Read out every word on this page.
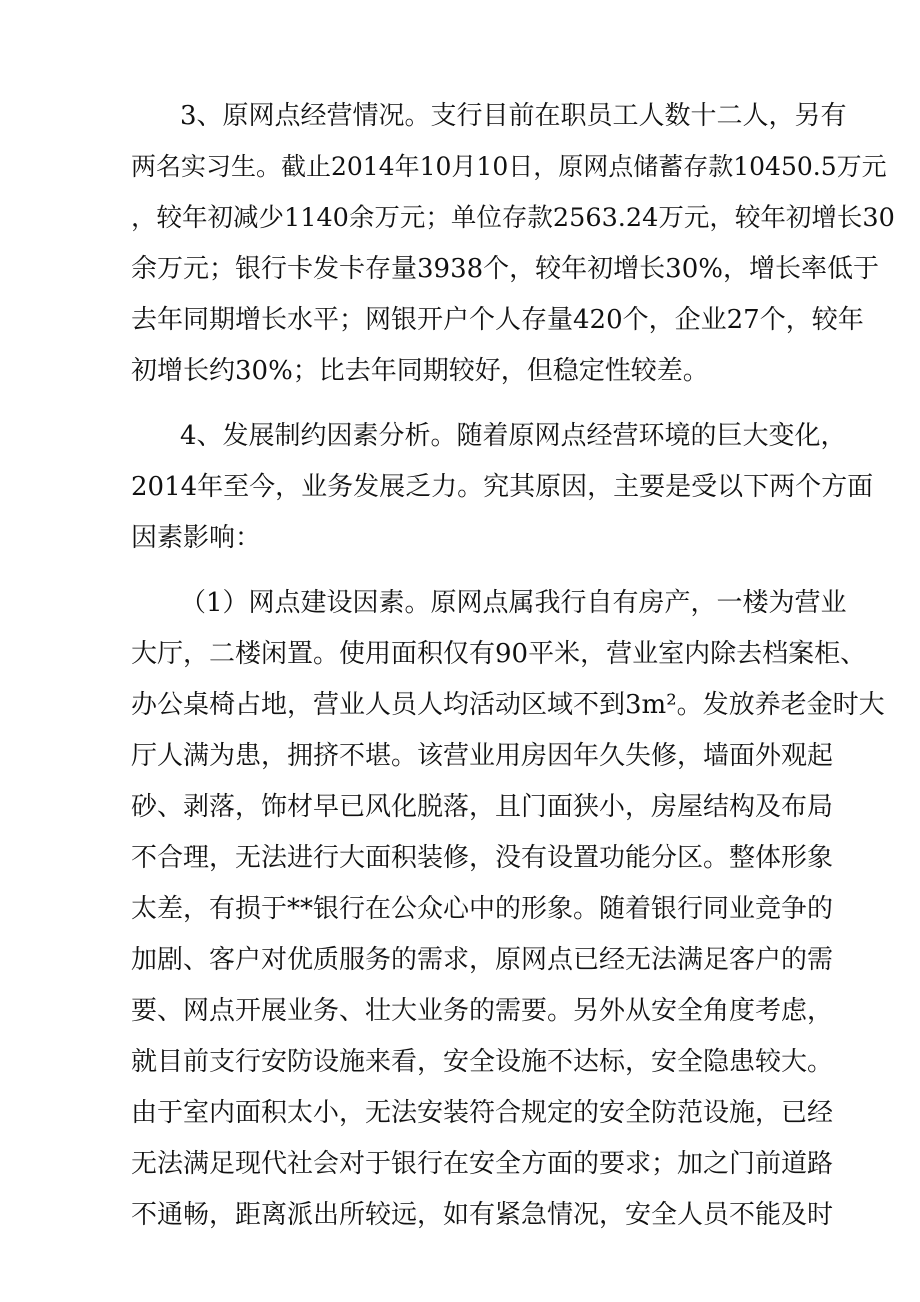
3、原网点经营情况。支行目前在职员工人数十二人，另有
两名实习生。截止2014年10月10日，原网点储蓄存款10450.5万元
，较年初减少1140余万元；单位存款2563.24万元，较年初增长30
余万元；银行卡发卡存量3938个，较年初增长30%，增长率低于
去年同期增长水平；网银开户个人存量420个，企业27个，较年
初增长约30%；比去年同期较好，但稳定性较差。
4、发展制约因素分析。随着原网点经营环境的巨大变化，
2014年至今，业务发展乏力。究其原因，主要是受以下两个方面
因素影响：
（1）网点建设因素。原网点属我行自有房产，一楼为营业
大厅，二楼闲置。使用面积仅有90平米，营业室内除去档案柜、
办公桌椅占地，营业人员人均活动区域不到3m²。发放养老金时大
厅人满为患，拥挤不堪。该营业用房因年久失修，墙面外观起
砂、剥落，饰材早已风化脱落，且门面狭小，房屋结构及布局
不合理，无法进行大面积装修，没有设置功能分区。整体形象
太差，有损于**银行在公众心中的形象。随着银行同业竞争的
加剧、客户对优质服务的需求，原网点已经无法满足客户的需
要、网点开展业务、壮大业务的需要。另外从安全角度考虑，
就目前支行安防设施来看，安全设施不达标，安全隐患较大。
由于室内面积太小，无法安装符合规定的安全防范设施，已经
无法满足现代社会对于银行在安全方面的要求；加之门前道路
不通畅，距离派出所较远，如有紧急情况，安全人员不能及时
